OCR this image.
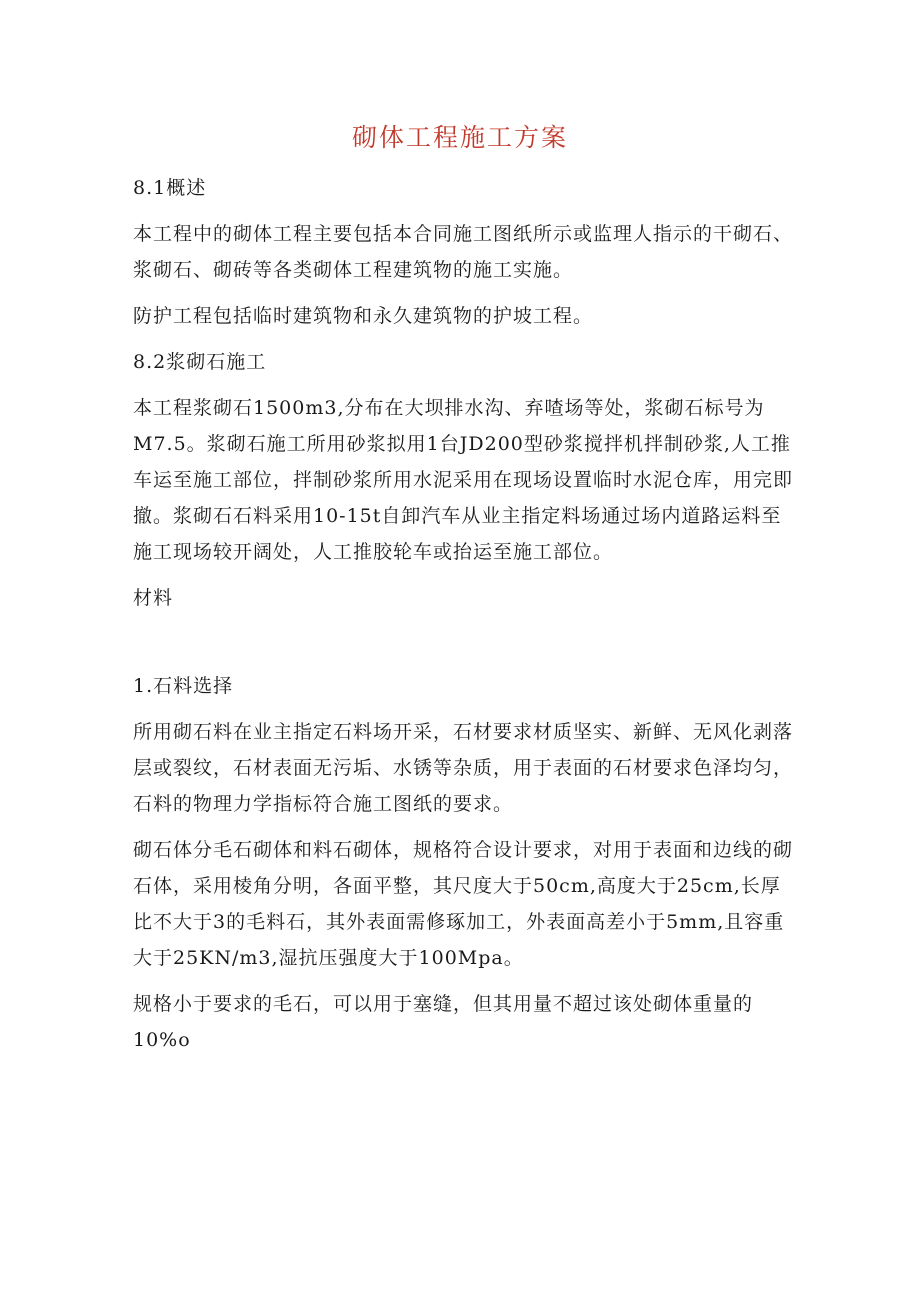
砌体工程施工方案

8.1概述

本工程中的砌体工程主要包括本合同施工图纸所示或监理人指示的干砌石、浆砌石、砌砖等各类砌体工程建筑物的施工实施。

防护工程包括临时建筑物和永久建筑物的护坡工程。

8.2浆砌石施工

本工程浆砌石1500m3,分布在大坝排水沟、弃喳场等处，浆砌石标号为M7.5。浆砌石施工所用砂浆拟用1台JD200型砂浆搅拌机拌制砂浆,人工推车运至施工部位，拌制砂浆所用水泥采用在现场设置临时水泥仓库，用完即撤。浆砌石石料采用10-15t自卸汽车从业主指定料场通过场内道路运料至施工现场较开阔处，人工推胶轮车或抬运至施工部位。

材料

1.石料选择

所用砌石料在业主指定石料场开采，石材要求材质坚实、新鲜、无风化剥落层或裂纹，石材表面无污垢、水锈等杂质，用于表面的石材要求色泽均匀，石料的物理力学指标符合施工图纸的要求。

砌石体分毛石砌体和料石砌体，规格符合设计要求，对用于表面和边线的砌石体，采用棱角分明，各面平整，其尺度大于50cm,高度大于25cm,长厚比不大于3的毛料石，其外表面需修琢加工，外表面高差小于5mm,且容重大于25KN/m3,湿抗压强度大于100Mpa。

规格小于要求的毛石，可以用于塞缝，但其用量不超过该处砌体重量的10%o
